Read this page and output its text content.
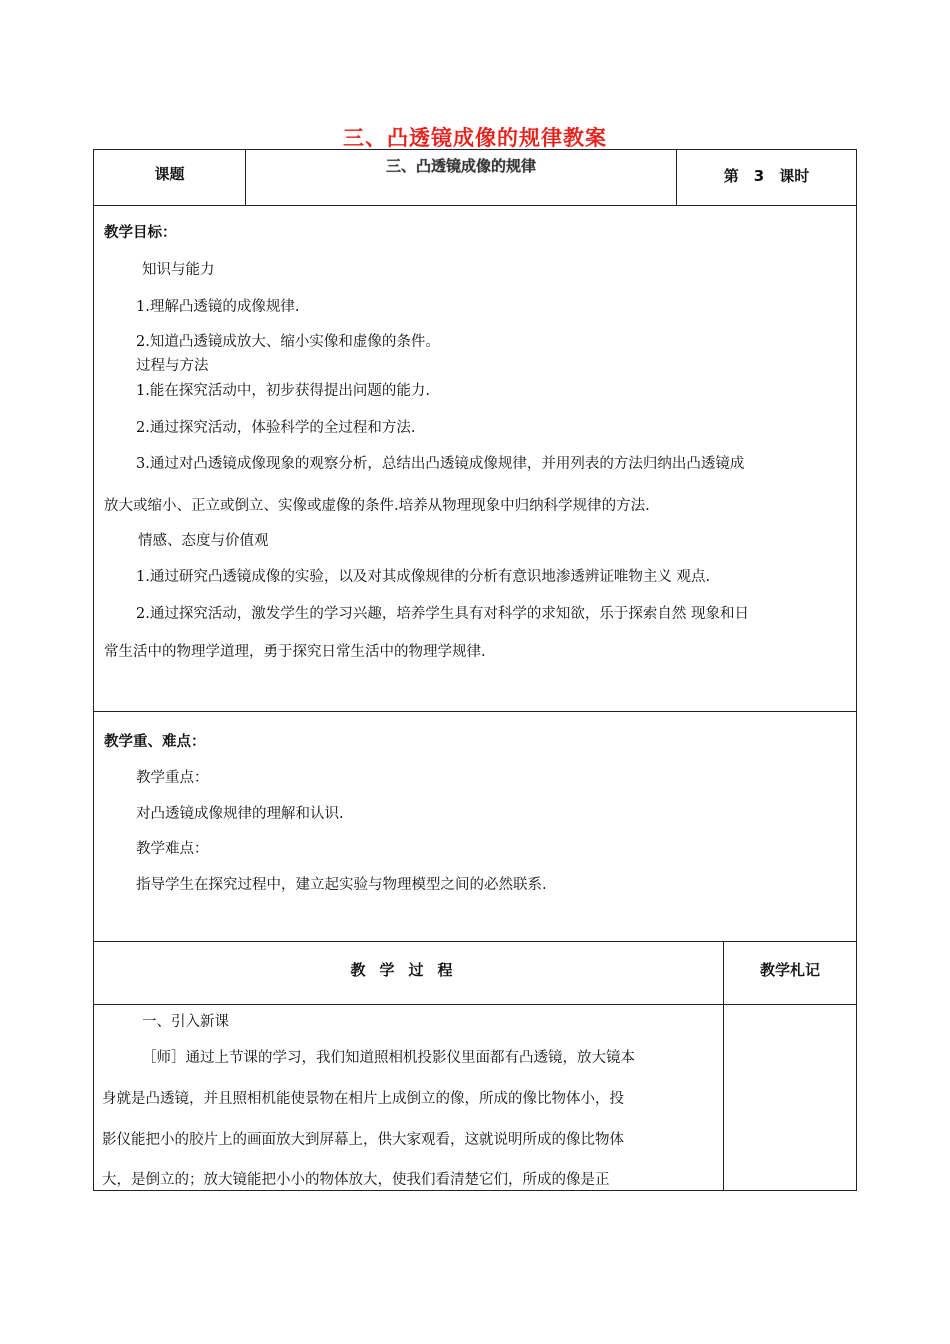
三、凸透镜成像的规律教案
课题	三、凸透镜成像的规律
第　3　课时
教学目标：
知识与能力
1.理解凸透镜的成像规律.
2.知道凸透镜成放大、缩小实像和虚像的条件。
过程与方法
1.能在探究活动中，初步获得提出问题的能力.
2.通过探究活动，体验科学的全过程和方法.
3.通过对凸透镜成像现象的观察分析，总结出凸透镜成像规律，并用列表的方法归纳出凸透镜成
放大或缩小、正立或倒立、实像或虚像的条件.培养从物理现象中归纳科学规律的方法.
情感、态度与价值观
1.通过研究凸透镜成像的实验，以及对其成像规律的分析有意识地渗透辨证唯物主义 观点.
2.通过探究活动，激发学生的学习兴趣，培养学生具有对科学的求知欲，乐于探索自然 现象和日
常生活中的物理学道理，勇于探究日常生活中的物理学规律.
教学重、难点：
教学重点：
对凸透镜成像规律的理解和认识.
教学难点：
指导学生在探究过程中，建立起实验与物理模型之间的必然联系.
教学过程	教学札记
一、引入新课
［师］通过上节课的学习，我们知道照相机投影仪里面都有凸透镜，放大镜本
身就是凸透镜，并且照相机能使景物在相片上成倒立的像，所成的像比物体小，投
影仪能把小的胶片上的画面放大到屏幕上，供大家观看，这就说明所成的像比物体
大，是倒立的；放大镜能把小小的物体放大，使我们看清楚它们，所成的像是正
